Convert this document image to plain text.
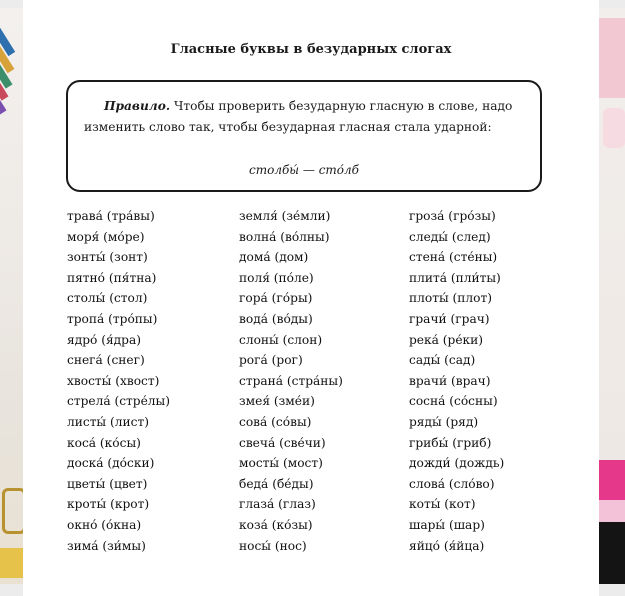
Гласные буквы в безударных слогах
Правило. Чтобы проверить безударную гласную в слове, надо изменить слово так, чтобы безударная гласная стала ударной:
столбы́ — сто́лб
трава́ (тра́вы)
моря́ (мо́ре)
зонты́ (зонт)
пятно́ (пя́тна)
столы́ (стол)
тропа́ (тро́пы)
ядро́ (я́дра)
снега́ (снег)
хвосты́ (хвост)
стрела́ (стре́лы)
листы́ (лист)
коса́ (ко́сы)
доска́ (до́ски)
цветы́ (цвет)
кроты́ (крот)
окно́ (о́кна)
зима́ (зи́мы)
земля́ (зе́мли)
волна́ (во́лны)
дома́ (дом)
поля́ (по́ле)
гора́ (го́ры)
вода́ (во́ды)
слоны́ (слон)
рога́ (рог)
страна́ (стра́ны)
змея́ (зме́и)
сова́ (со́вы)
свеча́ (све́чи)
мосты́ (мост)
беда́ (бе́ды)
глаза́ (глаз)
коза́ (ко́зы)
носы́ (нос)
гроза́ (гро́зы)
следы́ (след)
стена́ (сте́ны)
плита́ (пли́ты)
плоты́ (плот)
грачи́ (грач)
река́ (ре́ки)
сады́ (сад)
врачи́ (врач)
сосна́ (со́сны)
ряды́ (ряд)
грибы́ (гриб)
дожди́ (дождь)
слова́ (сло́во)
коты́ (кот)
шары́ (шар)
яйцо́ (я́йца)
